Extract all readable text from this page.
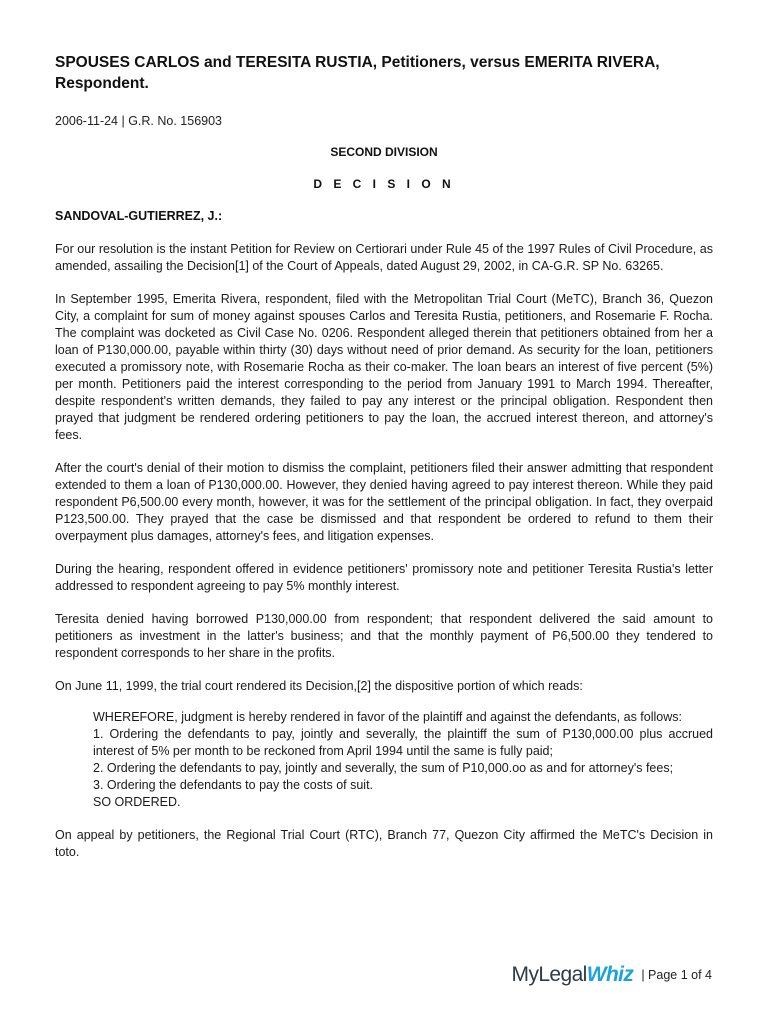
SPOUSES CARLOS and TERESITA RUSTIA, Petitioners, versus EMERITA RIVERA, Respondent.
2006-11-24 | G.R. No. 156903
SECOND DIVISION
D E C I S I O N
SANDOVAL-GUTIERREZ, J.:

For our resolution is the instant Petition for Review on Certiorari under Rule 45 of the 1997 Rules of Civil Procedure, as amended, assailing the Decision[1] of the Court of Appeals, dated August 29, 2002, in CA-G.R. SP No. 63265.

In September 1995, Emerita Rivera, respondent, filed with the Metropolitan Trial Court (MeTC), Branch 36, Quezon City, a complaint for sum of money against spouses Carlos and Teresita Rustia, petitioners, and Rosemarie F. Rocha. The complaint was docketed as Civil Case No. 0206. Respondent alleged therein that petitioners obtained from her a loan of P130,000.00, payable within thirty (30) days without need of prior demand. As security for the loan, petitioners executed a promissory note, with Rosemarie Rocha as their co-maker. The loan bears an interest of five percent (5%) per month. Petitioners paid the interest corresponding to the period from January 1991 to March 1994. Thereafter, despite respondent's written demands, they failed to pay any interest or the principal obligation. Respondent then prayed that judgment be rendered ordering petitioners to pay the loan, the accrued interest thereon, and attorney's fees.

After the court's denial of their motion to dismiss the complaint, petitioners filed their answer admitting that respondent extended to them a loan of P130,000.00. However, they denied having agreed to pay interest thereon. While they paid respondent P6,500.00 every month, however, it was for the settlement of the principal obligation. In fact, they overpaid P123,500.00. They prayed that the case be dismissed and that respondent be ordered to refund to them their overpayment plus damages, attorney's fees, and litigation expenses.

During the hearing, respondent offered in evidence petitioners' promissory note and petitioner Teresita Rustia's letter addressed to respondent agreeing to pay 5% monthly interest.

Teresita denied having borrowed P130,000.00 from respondent; that respondent delivered the said amount to petitioners as investment in the latter's business; and that the monthly payment of P6,500.00 they tendered to respondent corresponds to her share in the profits.

On June 11, 1999, the trial court rendered its Decision,[2] the dispositive portion of which reads:

WHEREFORE, judgment is hereby rendered in favor of the plaintiff and against the defendants, as follows:
1. Ordering the defendants to pay, jointly and severally, the plaintiff the sum of P130,000.00 plus accrued interest of 5% per month to be reckoned from April 1994 until the same is fully paid;
2. Ordering the defendants to pay, jointly and severally, the sum of P10,000.oo as and for attorney's fees;
3. Ordering the defendants to pay the costs of suit.
SO ORDERED.

On appeal by petitioners, the Regional Trial Court (RTC), Branch 77, Quezon City affirmed the MeTC's Decision in toto.

My Legal Whiz | Page 1 of 4
